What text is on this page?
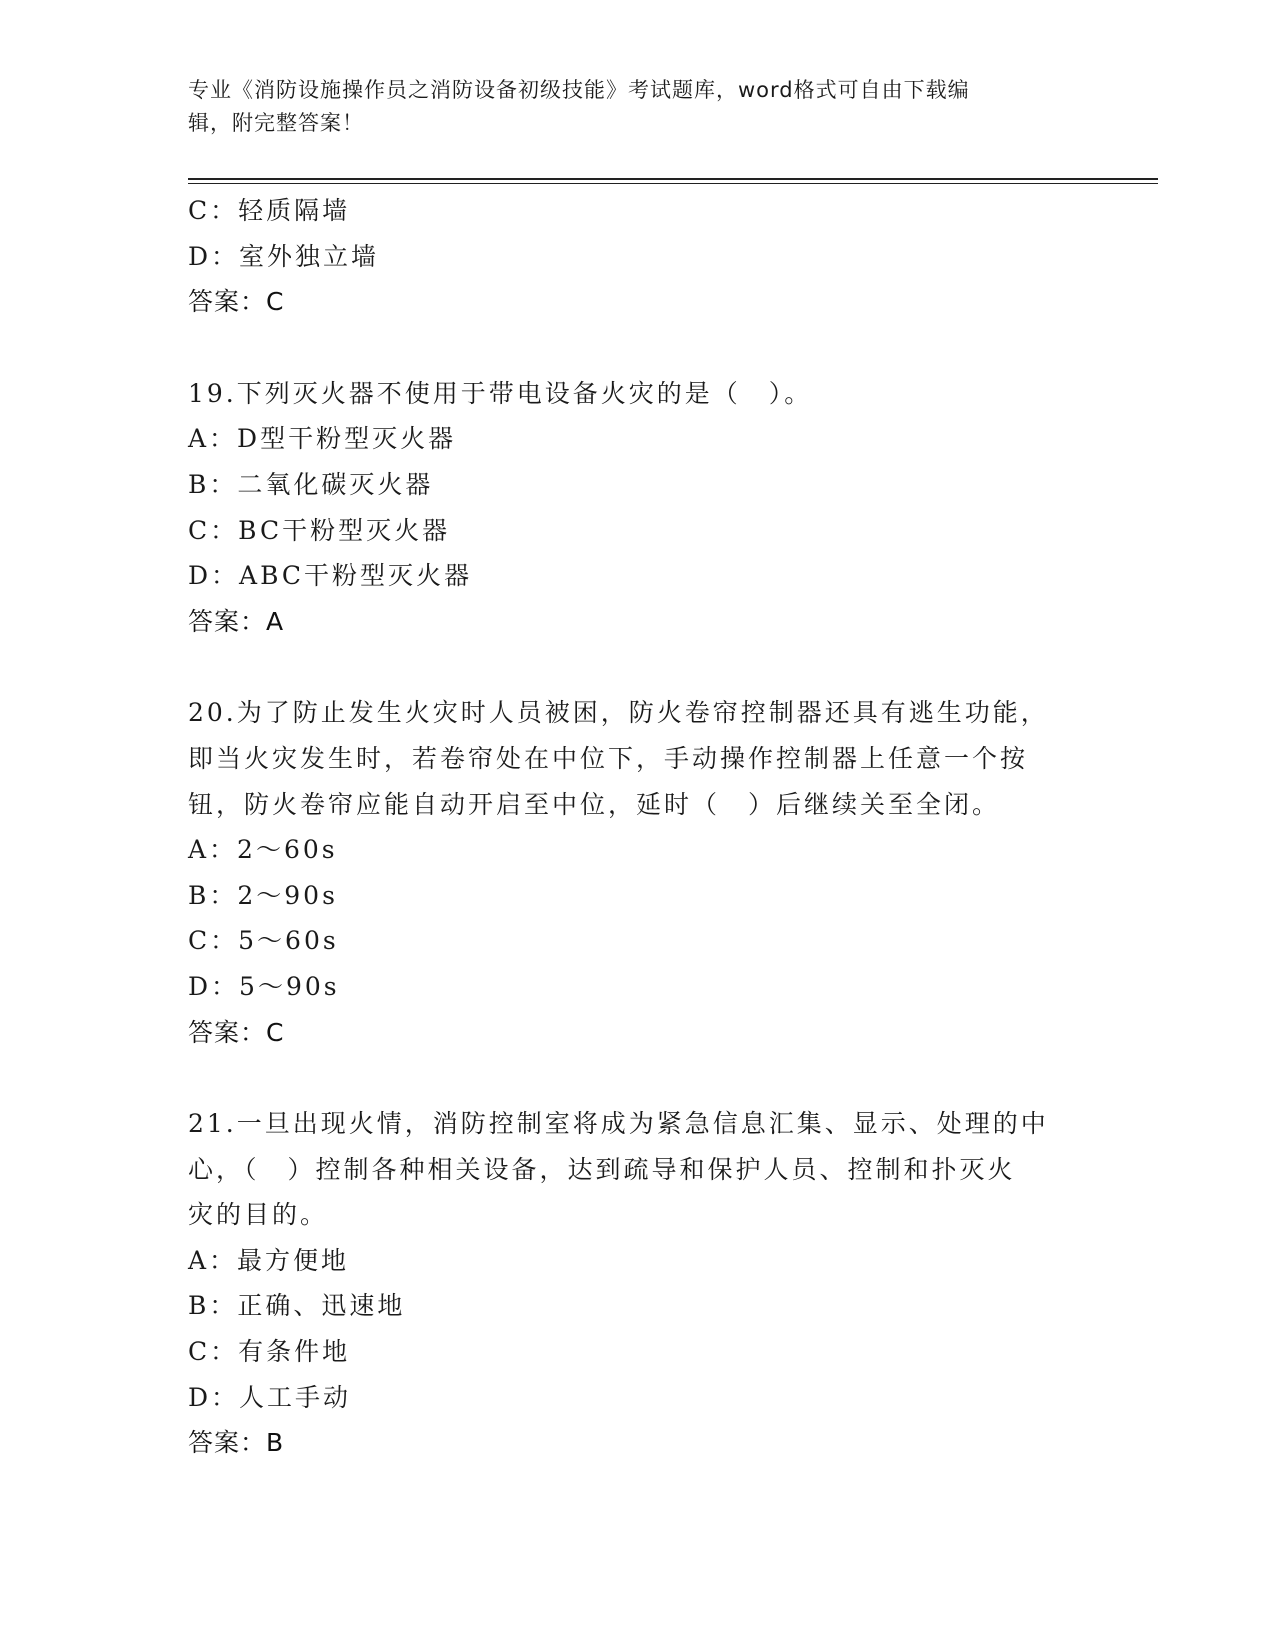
专业《消防设施操作员之消防设备初级技能》考试题库，word格式可自由下载编
辑，附完整答案！
C：轻质隔墙
D：室外独立墙
答案：C
19.下列灭火器不使用于带电设备火灾的是（　）。
A：D型干粉型灭火器
B：二氧化碳灭火器
C：BC干粉型灭火器
D：ABC干粉型灭火器
答案：A
20.为了防止发生火灾时人员被困，防火卷帘控制器还具有逃生功能，
即当火灾发生时，若卷帘处在中位下，手动操作控制器上任意一个按
钮，防火卷帘应能自动开启至中位，延时（　）后继续关至全闭。
A：2～60s
B：2～90s
C：5～60s
D：5～90s
答案：C
21.一旦出现火情，消防控制室将成为紧急信息汇集、显示、处理的中
心，（　）控制各种相关设备，达到疏导和保护人员、控制和扑灭火
灾的目的。
A：最方便地
B：正确、迅速地
C：有条件地
D：人工手动
答案：B
